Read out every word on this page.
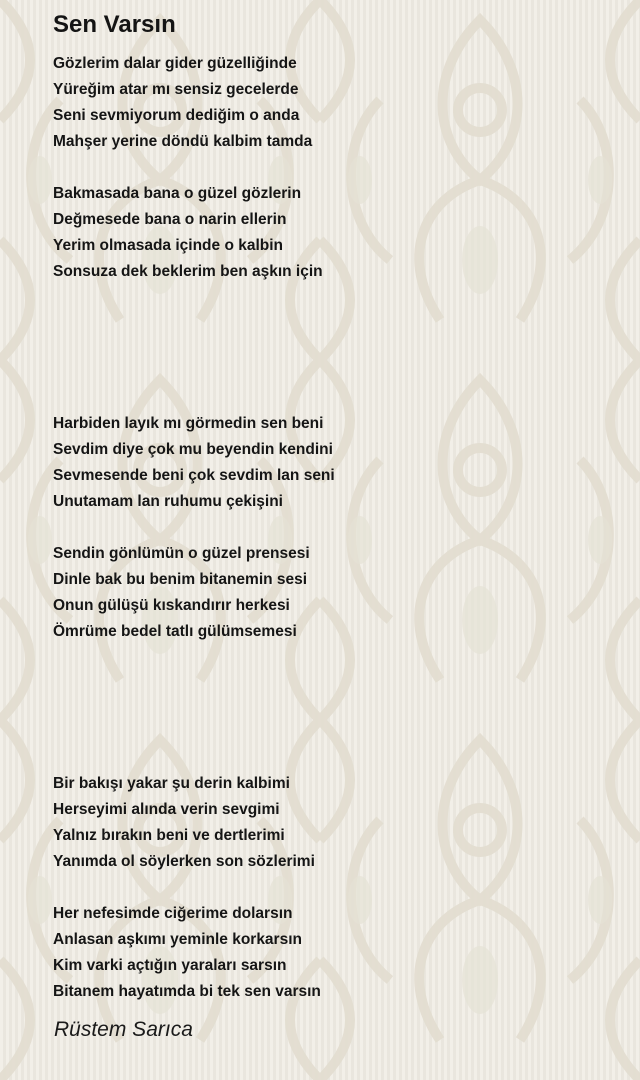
Sen Varsın
Gözlerim dalar gider güzelliğinde
Yüreğim atar mı sensiz gecelerde
Seni sevmiyorum dediğim o anda
Mahşer yerine döndü kalbim tamda
Bakmasada bana o güzel gözlerin
Değmesede bana o narin ellerin
Yerim olmasada içinde o kalbin
Sonsuza dek beklerim ben aşkın için
Harbiden layık mı görmedin sen beni
Sevdim diye çok mu beyendin kendini
Sevmesende beni çok sevdim lan seni
Unutamam lan ruhumu çekişini
Sendin gönlümün o güzel prensesi
Dinle bak bu benim bitanemin sesi
Onun gülüşü kıskandırır herkesi
Ömrüme bedel tatlı gülümsemesi
Bir bakışı yakar şu derin kalbimi
Herseyimi alında verin sevgimi
Yalnız bırakın beni ve dertlerimi
Yanımda ol söylerken son sözlerimi
Her nefesimde ciğerime dolarsın
Anlasan aşkımı yeminle korkarsın
Kim varki açtığın yaraları sarsın
Bitanem hayatımda bi tek sen varsın
Rüstem Sarıca
